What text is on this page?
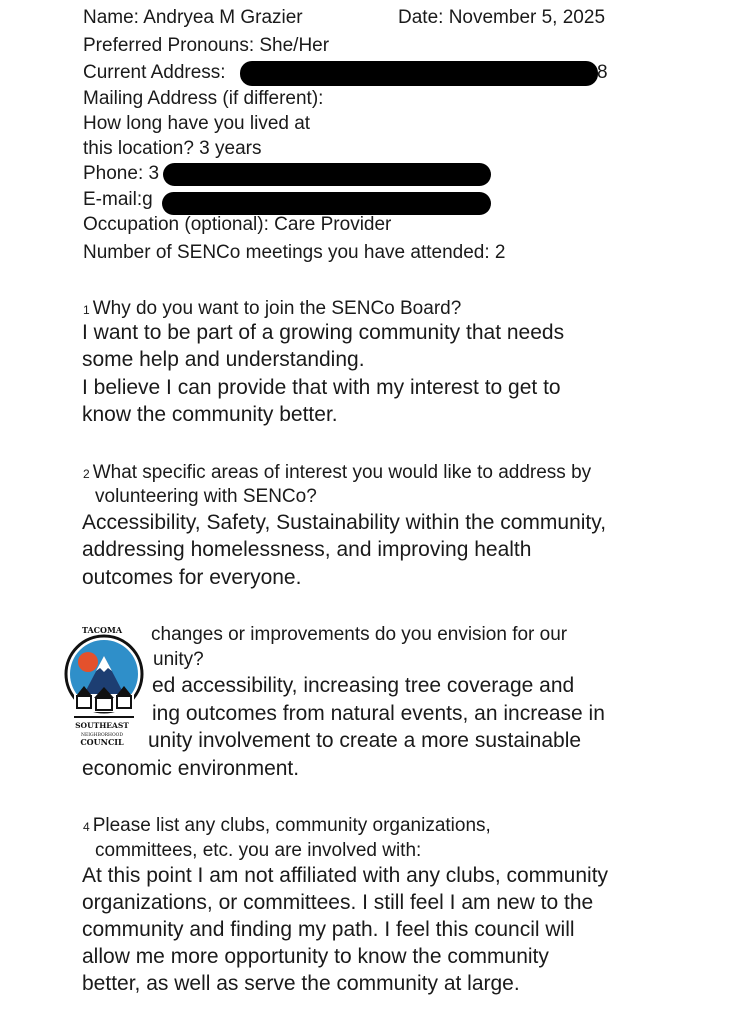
Name: Andryea M Grazier	Date: November 5, 2025
Preferred Pronouns: She/Her
Current Address:	8
Mailing Address (if different):
How long have you lived at
this location? 3 years
Phone: 3
E-mail:g
Occupation (optional): Care Provider
Number of SENCo meetings you have attended: 2
1 Why do you want to join the SENCo Board?
I want to be part of a growing community that needs
some help and understanding.
I believe I can provide that with my interest to get to
know the community better.
2 What specific areas of interest you would like to address by
volunteering with SENCo?
Accessibility, Safety, Sustainability within the community,
addressing homelessness, and improving health
outcomes for everyone.
changes or improvements do you envision for our
unity?
ed accessibility, increasing tree coverage and
ing outcomes from natural events, an increase in
unity involvement to create a more sustainable
economic environment.
TACOMA
SOUTHEAST
NEIGHBORHOOD
COUNCIL
4 Please list any clubs, community organizations,
committees, etc. you are involved with:
At this point I am not affiliated with any clubs, community
organizations, or committees. I still feel I am new to the
community and finding my path. I feel this council will
allow me more opportunity to know the community
better, as well as serve the community at large.
